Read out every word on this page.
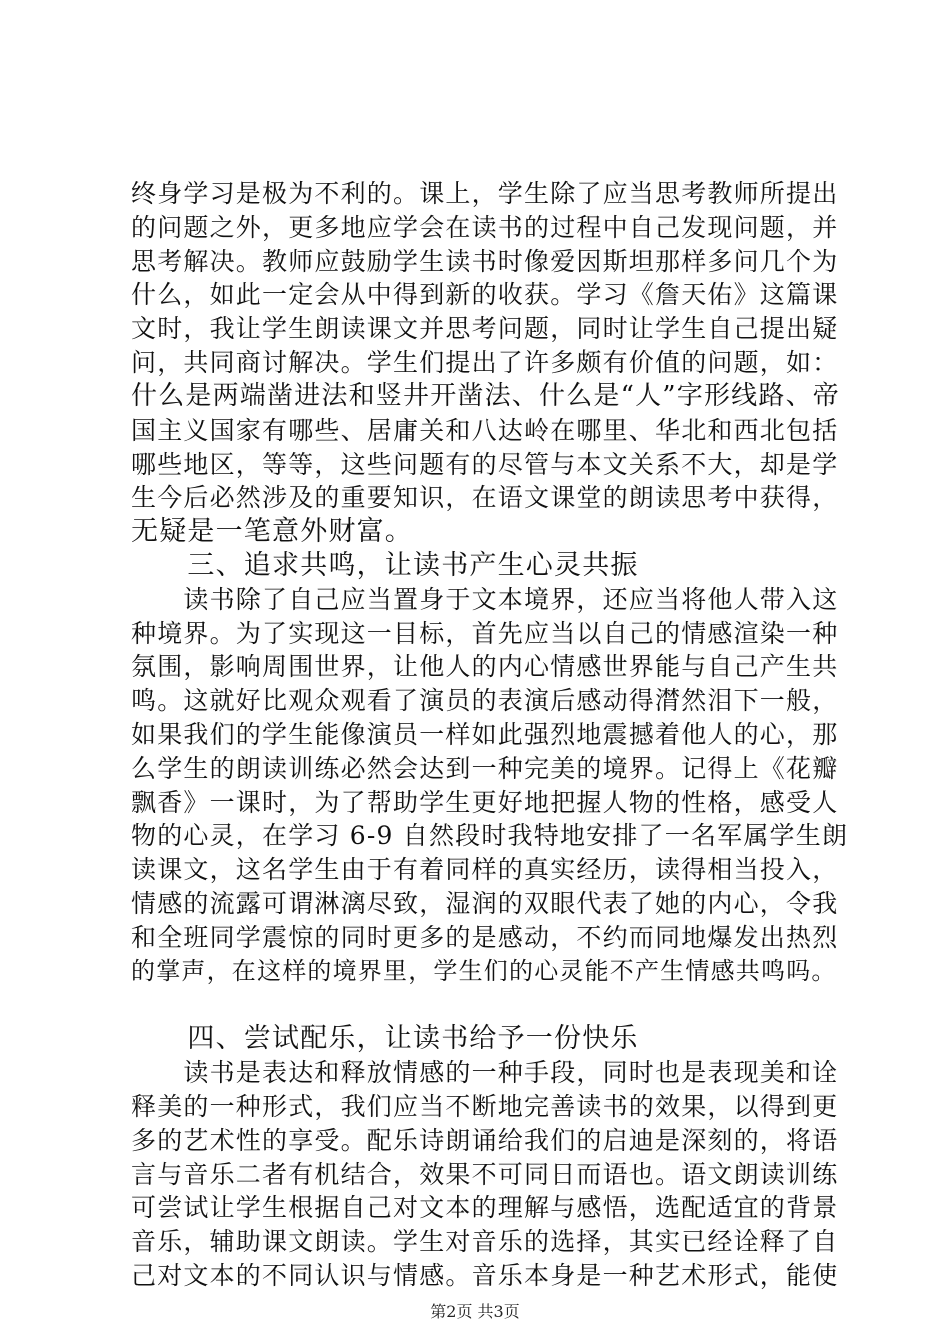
终身学习是极为不利的。课上，学生除了应当思考教师所提出
的问题之外，更多地应学会在读书的过程中自己发现问题，并
思考解决。教师应鼓励学生读书时像爱因斯坦那样多问几个为
什么，如此一定会从中得到新的收获。学习《詹天佑》这篇课
文时，我让学生朗读课文并思考问题，同时让学生自己提出疑
问，共同商讨解决。学生们提出了许多颇有价值的问题，如：
什么是两端凿进法和竖井开凿法、什么是“人”字形线路、帝
国主义国家有哪些、居庸关和八达岭在哪里、华北和西北包括
哪些地区，等等，这些问题有的尽管与本文关系不大，却是学
生今后必然涉及的重要知识，在语文课堂的朗读思考中获得，
无疑是一笔意外财富。
　　三、追求共鸣，让读书产生心灵共振
　　读书除了自己应当置身于文本境界，还应当将他人带入这
种境界。为了实现这一目标，首先应当以自己的情感渲染一种
氛围，影响周围世界，让他人的内心情感世界能与自己产生共
鸣。这就好比观众观看了演员的表演后感动得潸然泪下一般，
如果我们的学生能像演员一样如此强烈地震撼着他人的心，那
么学生的朗读训练必然会达到一种完美的境界。记得上《花瓣
飘香》一课时，为了帮助学生更好地把握人物的性格，感受人
物的心灵，在学习 6-9 自然段时我特地安排了一名军属学生朗
读课文，这名学生由于有着同样的真实经历，读得相当投入，
情感的流露可谓淋漓尽致，湿润的双眼代表了她的内心，令我
和全班同学震惊的同时更多的是感动，不约而同地爆发出热烈
的掌声，在这样的境界里，学生们的心灵能不产生情感共鸣吗。
　　四、尝试配乐，让读书给予一份快乐
　　读书是表达和释放情感的一种手段，同时也是表现美和诠
释美的一种形式，我们应当不断地完善读书的效果，以得到更
多的艺术性的享受。配乐诗朗诵给我们的启迪是深刻的，将语
言与音乐二者有机结合，效果不可同日而语也。语文朗读训练
可尝试让学生根据自己对文本的理解与感悟，选配适宜的背景
音乐，辅助课文朗读。学生对音乐的选择，其实已经诠释了自
己对文本的不同认识与情感。音乐本身是一种艺术形式，能使
第2页 共3页
